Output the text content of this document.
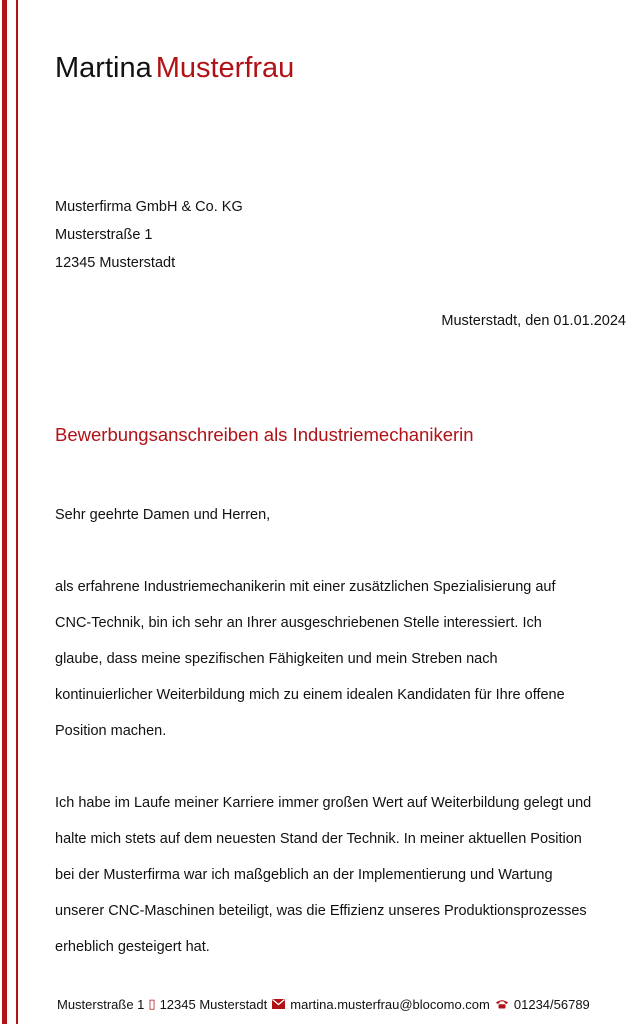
Martina Musterfrau
Musterfirma GmbH & Co. KG
Musterstraße 1
12345 Musterstadt
Musterstadt, den 01.01.2024
Bewerbungsanschreiben als Industriemechanikerin
Sehr geehrte Damen und Herren,
als erfahrene Industriemechanikerin mit einer zusätzlichen Spezialisierung auf
CNC-Technik, bin ich sehr an Ihrer ausgeschriebenen Stelle interessiert. Ich
glaube, dass meine spezifischen Fähigkeiten und mein Streben nach
kontinuierlicher Weiterbildung mich zu einem idealen Kandidaten für Ihre offene
Position machen.
Ich habe im Laufe meiner Karriere immer großen Wert auf Weiterbildung gelegt und
halte mich stets auf dem neuesten Stand der Technik. In meiner aktuellen Position
bei der Musterfirma war ich maßgeblich an der Implementierung und Wartung
unserer CNC-Maschinen beteiligt, was die Effizienz unseres Produktionsprozesses
erheblich gesteigert hat.
Musterstraße 1 ▯ 12345 Musterstadt martina.musterfrau@blocomo.com 01234/56789
